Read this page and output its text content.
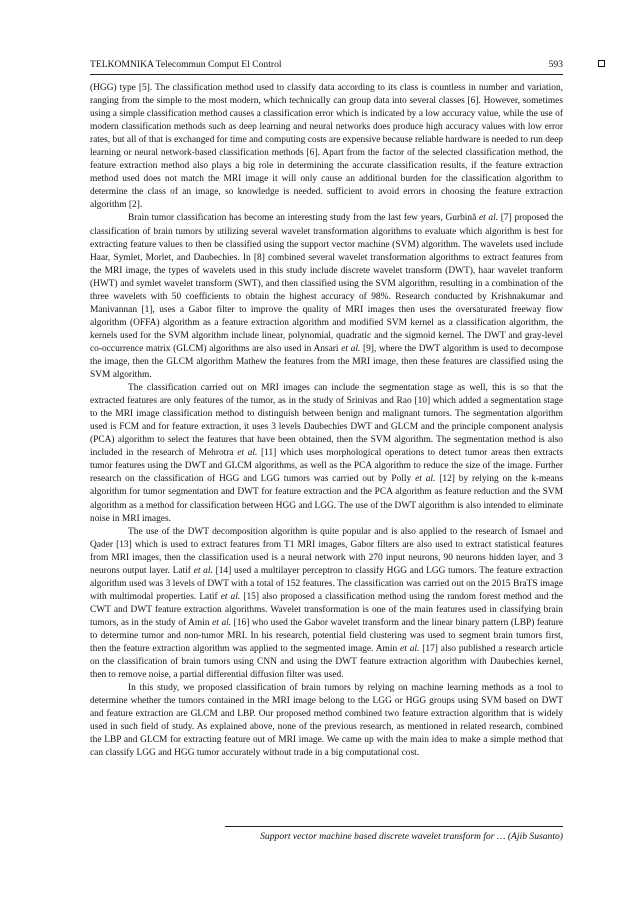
TELKOMNIKA Telecommun Comput El Control	593

(HGG) type [5]. The classification method used to classify data according to its class is countless in number and variation, ranging from the simple to the most modern, which technically can group data into several classes [6]. However, sometimes using a simple classification method causes a classification error which is indicated by a low accuracy value, while the use of modern classification methods such as deep learning and neural networks does produce high accuracy values with low error rates, but all of that is exchanged for time and computing costs are expensive because reliable hardware is needed to run deep learning or neural network-based classification methods [6]. Apart from the factor of the selected classification method, the feature extraction method also plays a big role in determining the accurate classification results, if the feature extraction method used does not match the MRI image it will only cause an additional burden for the classification algorithm to determine the class of an image, so knowledge is needed. sufficient to avoid errors in choosing the feature extraction algorithm [2].

Brain tumor classification has become an interesting study from the last few years, Gurbină et al. [7] proposed the classification of brain tumors by utilizing several wavelet transformation algorithms to evaluate which algorithm is best for extracting feature values to then be classified using the support vector machine (SVM) algorithm. The wavelets used include Haar, Symlet, Morlet, and Daubechies. In [8] combined several wavelet transformation algorithms to extract features from the MRI image, the types of wavelets used in this study include discrete wavelet transform (DWT), haar wavelet tranform (HWT) and symlet wavelet transform (SWT), and then classified using the SVM algorithm, resulting in a combination of the three wavelets with 50 coefficients to obtain the highest accuracy of 98%. Research conducted by Krishnakumar and Manivannan [1], uses a Gabor filter to improve the quality of MRI images then uses the oversaturated freeway flow algorithm (OFFA) algorithm as a feature extraction algorithm and modified SVM kernel as a classification algorithm, the kernels used for the SVM algorithm include linear, polynomial, quadratic and the sigmoid kernel. The DWT and gray-level co-occurrence matrix (GLCM) algorithms are also used in Ansari et al. [9], where the DWT algorithm is used to decompose the image, then the GLCM algorithm Mathew the features from the MRI image, then these features are classified using the SVM algorithm.

The classification carried out on MRI images can include the segmentation stage as well, this is so that the extracted features are only features of the tumor, as in the study of Srinivas and Rao [10] which added a segmentation stage to the MRI image classification method to distinguish between benign and malignant tumors. The segmentation algorithm used is FCM and for feature extraction, it uses 3 levels Daubechies DWT and GLCM and the principle component analysis (PCA) algorithm to select the features that have been obtained, then the SVM algorithm. The segmentation method is also included in the research of Mehrotra et al. [11] which uses morphological operations to detect tumor areas then extracts tumor features using the DWT and GLCM algorithms, as well as the PCA algorithm to reduce the size of the image. Further research on the classification of HGG and LGG tumors was carried out by Polly et al. [12] by relying on the k-means algorithm for tumor segmentation and DWT for feature extraction and the PCA algorithm as feature reduction and the SVM algorithm as a method for classification between HGG and LGG. The use of the DWT algorithm is also intended to eliminate noise in MRI images.

The use of the DWT decomposition algorithm is quite popular and is also applied to the research of Ismael and Qader [13] which is used to extract features from T1 MRI images, Gabor filters are also used to extract statistical features from MRI images, then the classification used is a neural network with 270 input neurons, 90 neurons hidden layer, and 3 neurons output layer. Latif et al. [14] used a multilayer perceptron to classify HGG and LGG tumors. The feature extraction algorithm used was 3 levels of DWT with a total of 152 features. The classification was carried out on the 2015 BraTS image with multimodal properties. Latif et al. [15] also proposed a classification method using the random forest method and the CWT and DWT feature extraction algorithms. Wavelet transformation is one of the main features used in classifying brain tumors, as in the study of Amin et al. [16] who used the Gabor wavelet transform and the linear binary pattern (LBP) feature to determine tumor and non-tumor MRI. In his research, potential field clustering was used to segment brain tumors first, then the feature extraction algorithm was applied to the segmented image. Amin et al. [17] also published a research article on the classification of brain tumors using CNN and using the DWT feature extraction algorithm with Daubechies kernel, then to remove noise, a partial differential diffusion filter was used.

In this study, we proposed classification of brain tumors by relying on machine learning methods as a tool to determine whether the tumors contained in the MRI image belong to the LGG or HGG groups using SVM based on DWT and feature extraction are GLCM and LBP. Our proposed method combined two feature extraction algorithm that is widely used in such field of study. As explained above, none of the previous research, as mentioned in related research, combined the LBP and GLCM for extracting feature out of MRI image. We came up with the main idea to make a simple method that can classify LGG and HGG tumor accurately without trade in a big computational cost.

Support vector machine based discrete wavelet transform for … (Ajib Susanto)
